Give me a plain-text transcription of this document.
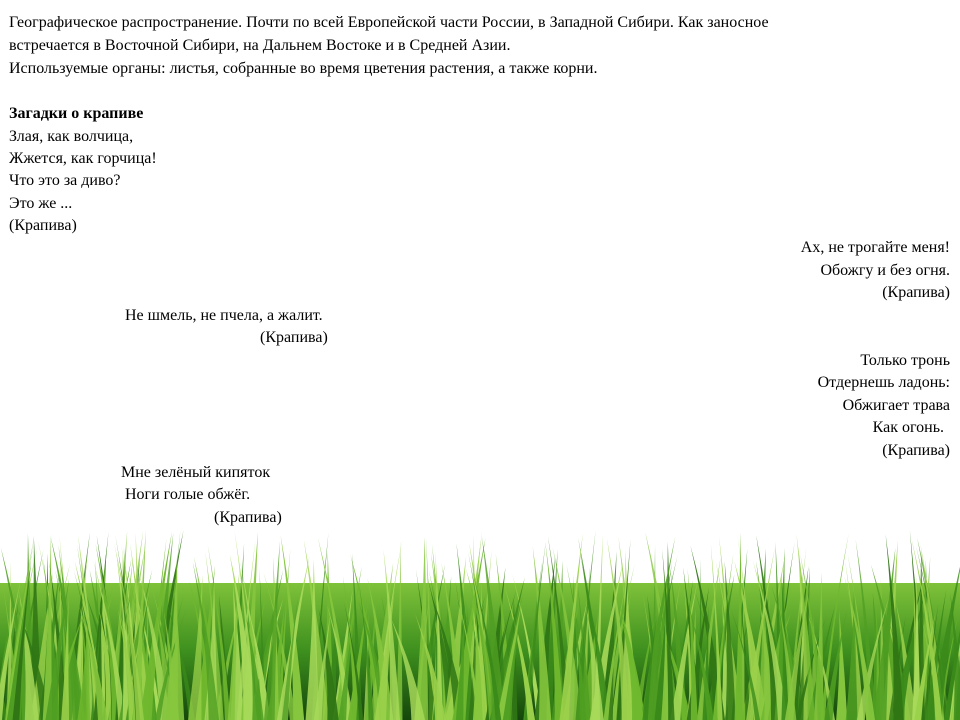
Географическое распространение. Почти по всей Европейской части России, в Западной Сибири. Как заносное
встречается в Восточной Сибири, на Дальнем Востоке и в Средней Азии.
Используемые органы: листья, собранные во время цветения растения, а также корни.
Загадки о крапиве
Злая, как волчица,
Жжется, как горчица!
Что это за диво?
Это же ...
(Крапива)
Ах, не трогайте меня!
Обожгу и без огня.
(Крапива)
Не шмель, не пчела, а жалит.
(Крапива)
Только тронь
Отдернешь ладонь:
Обжигает трава
Как огонь.
(Крапива)
Мне зелёный кипяток
Ноги голые обжёг.
(Крапива)
